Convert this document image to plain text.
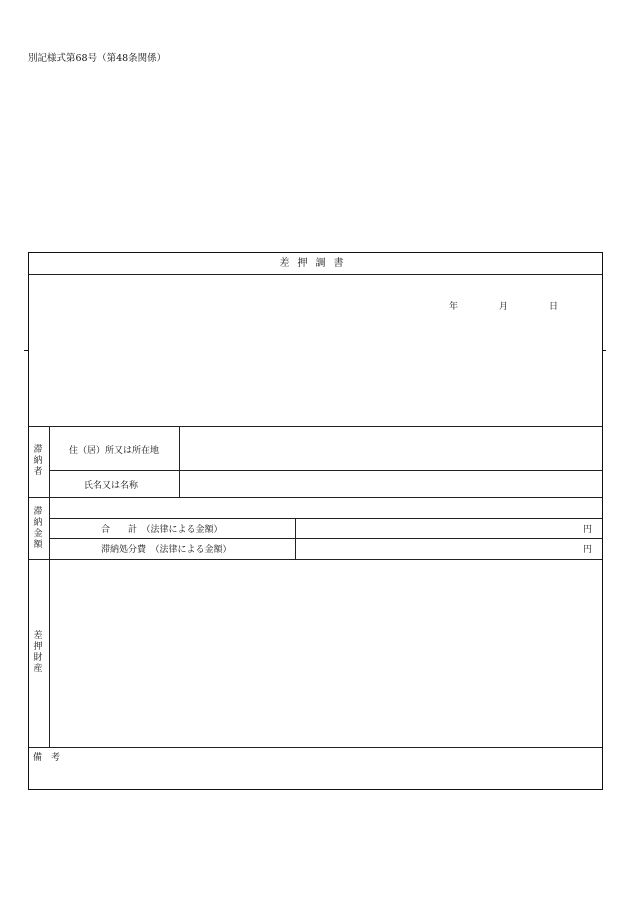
別記様式第68号（第48条関係）
差押調書
年	月	日
滞納者
住（居）所又は所在地
氏名又は名称
滞納金額
合　　計　（法律による金額）	円
滞納処分費　（法律による金額）	円
差押財産
備　考
